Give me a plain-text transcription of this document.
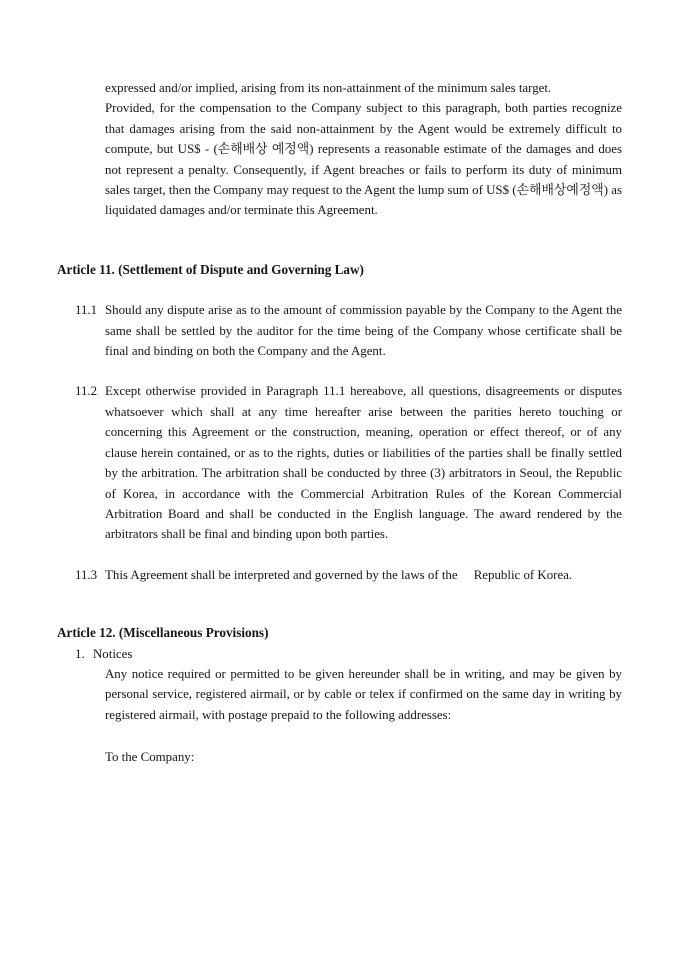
expressed and/or implied, arising from its non-attainment of the minimum sales target.

Provided, for the compensation to the Company subject to this paragraph, both parties recognize that damages arising from the said non-attainment by the Agent would be extremely difficult to compute, but US$ - (손해배상 예정액) represents a reasonable estimate of the damages and does not represent a penalty. Consequently, if Agent breaches or fails to perform its duty of minimum sales target, then the Company may request to the Agent the lump sum of US$ (손해배상예정액) as liquidated damages and/or terminate this Agreement.

Article 11. (Settlement of Dispute and Governing Law)
11.1 Should any dispute arise as to the amount of commission payable by the Company to the Agent the same shall be settled by the auditor for the time being of the Company whose certificate shall be final and binding on both the Company and the Agent.
11.2 Except otherwise provided in Paragraph 11.1 hereabove, all questions, disagreements or disputes whatsoever which shall at any time hereafter arise between the parities hereto touching or concerning this Agreement or the construction, meaning, operation or effect thereof, or of any clause herein contained, or as to the rights, duties or liabilities of the parties shall be finally settled by the arbitration. The arbitration shall be conducted by three (3) arbitrators in Seoul, the Republic of Korea, in accordance with the Commercial Arbitration Rules of the Korean Commercial Arbitration Board and shall be conducted in the English language. The award rendered by the arbitrators shall be final and binding upon both parties.
11.3 This Agreement shall be interpreted and governed by the laws of the     Republic of Korea.
Article 12. (Miscellaneous Provisions)
1. Notices
Any notice required or permitted to be given hereunder shall be in writing, and may be given by personal service, registered airmail, or by cable or telex if confirmed on the same day in writing by registered airmail, with postage prepaid to the following addresses:
To the Company:
